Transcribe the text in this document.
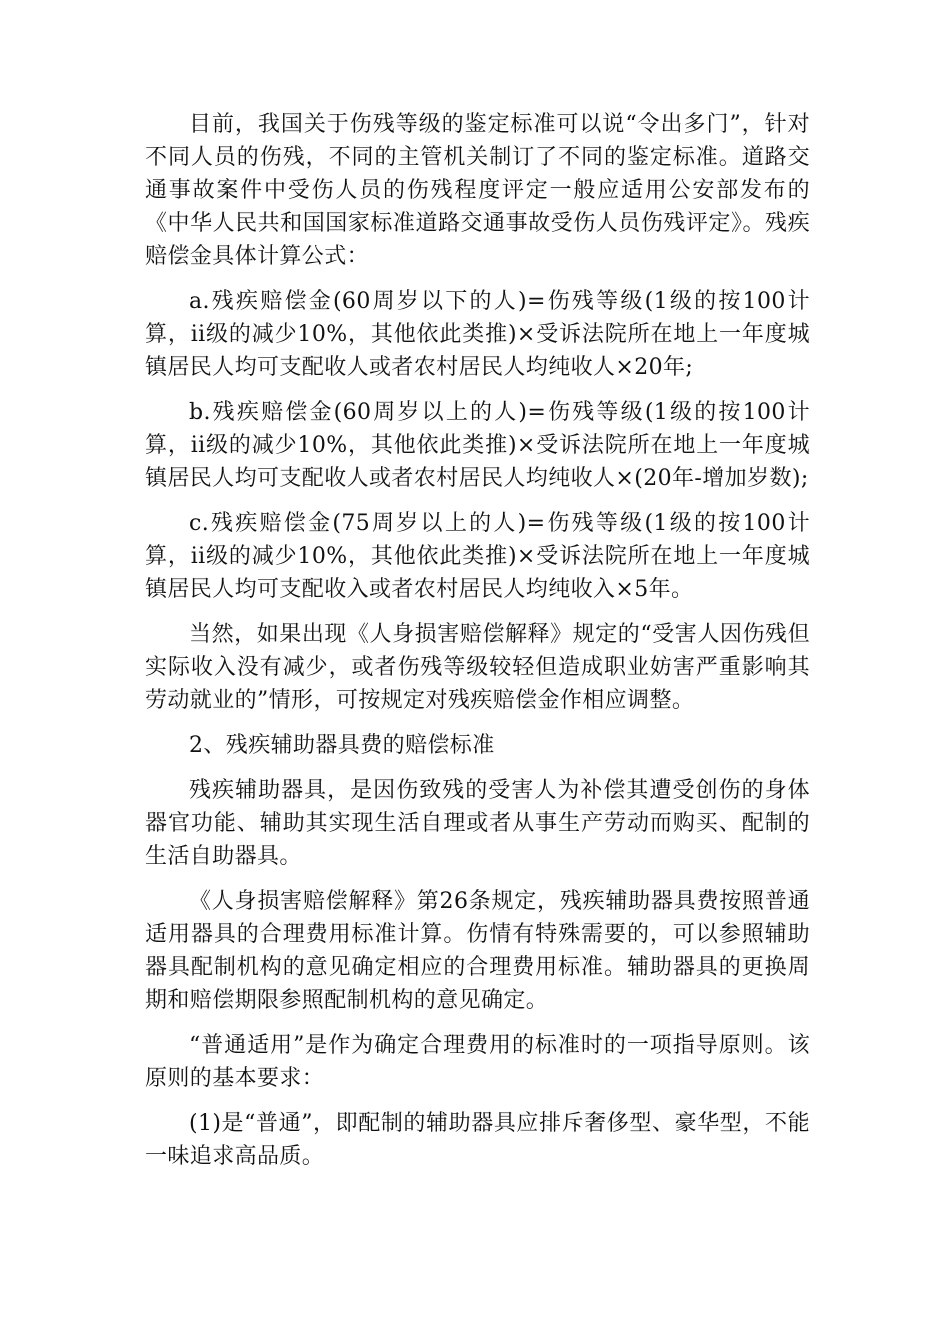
目前，我国关于伤残等级的鉴定标准可以说“令出多门”，针对不同人员的伤残，不同的主管机关制订了不同的鉴定标准。道路交通事故案件中受伤人员的伤残程度评定一般应适用公安部发布的《中华人民共和国国家标准道路交通事故受伤人员伤残评定》。残疾赔偿金具体计算公式：

a.残疾赔偿金(60周岁以下的人)=伤残等级(1级的按100计算，ii级的减少10%，其他依此类推)×受诉法院所在地上一年度城镇居民人均可支配收人或者农村居民人均纯收人×20年;

b.残疾赔偿金(60周岁以上的人)=伤残等级(1级的按100计算，ii级的减少10%，其他依此类推)×受诉法院所在地上一年度城镇居民人均可支配收人或者农村居民人均纯收人×(20年-增加岁数);

c.残疾赔偿金(75周岁以上的人)=伤残等级(1级的按100计算，ii级的减少10%，其他依此类推)×受诉法院所在地上一年度城镇居民人均可支配收入或者农村居民人均纯收入×5年。

当然，如果出现《人身损害赔偿解释》规定的“受害人因伤残但实际收入没有减少，或者伤残等级较轻但造成职业妨害严重影响其劳动就业的”情形，可按规定对残疾赔偿金作相应调整。

2、残疾辅助器具费的赔偿标准

残疾辅助器具，是因伤致残的受害人为补偿其遭受创伤的身体器官功能、辅助其实现生活自理或者从事生产劳动而购买、配制的生活自助器具。

《人身损害赔偿解释》第26条规定，残疾辅助器具费按照普通适用器具的合理费用标准计算。伤情有特殊需要的，可以参照辅助器具配制机构的意见确定相应的合理费用标准。辅助器具的更换周期和赔偿期限参照配制机构的意见确定。

“普通适用”是作为确定合理费用的标准时的一项指导原则。该原则的基本要求：

(1)是“普通”，即配制的辅助器具应排斥奢侈型、豪华型，不能一味追求高品质。
